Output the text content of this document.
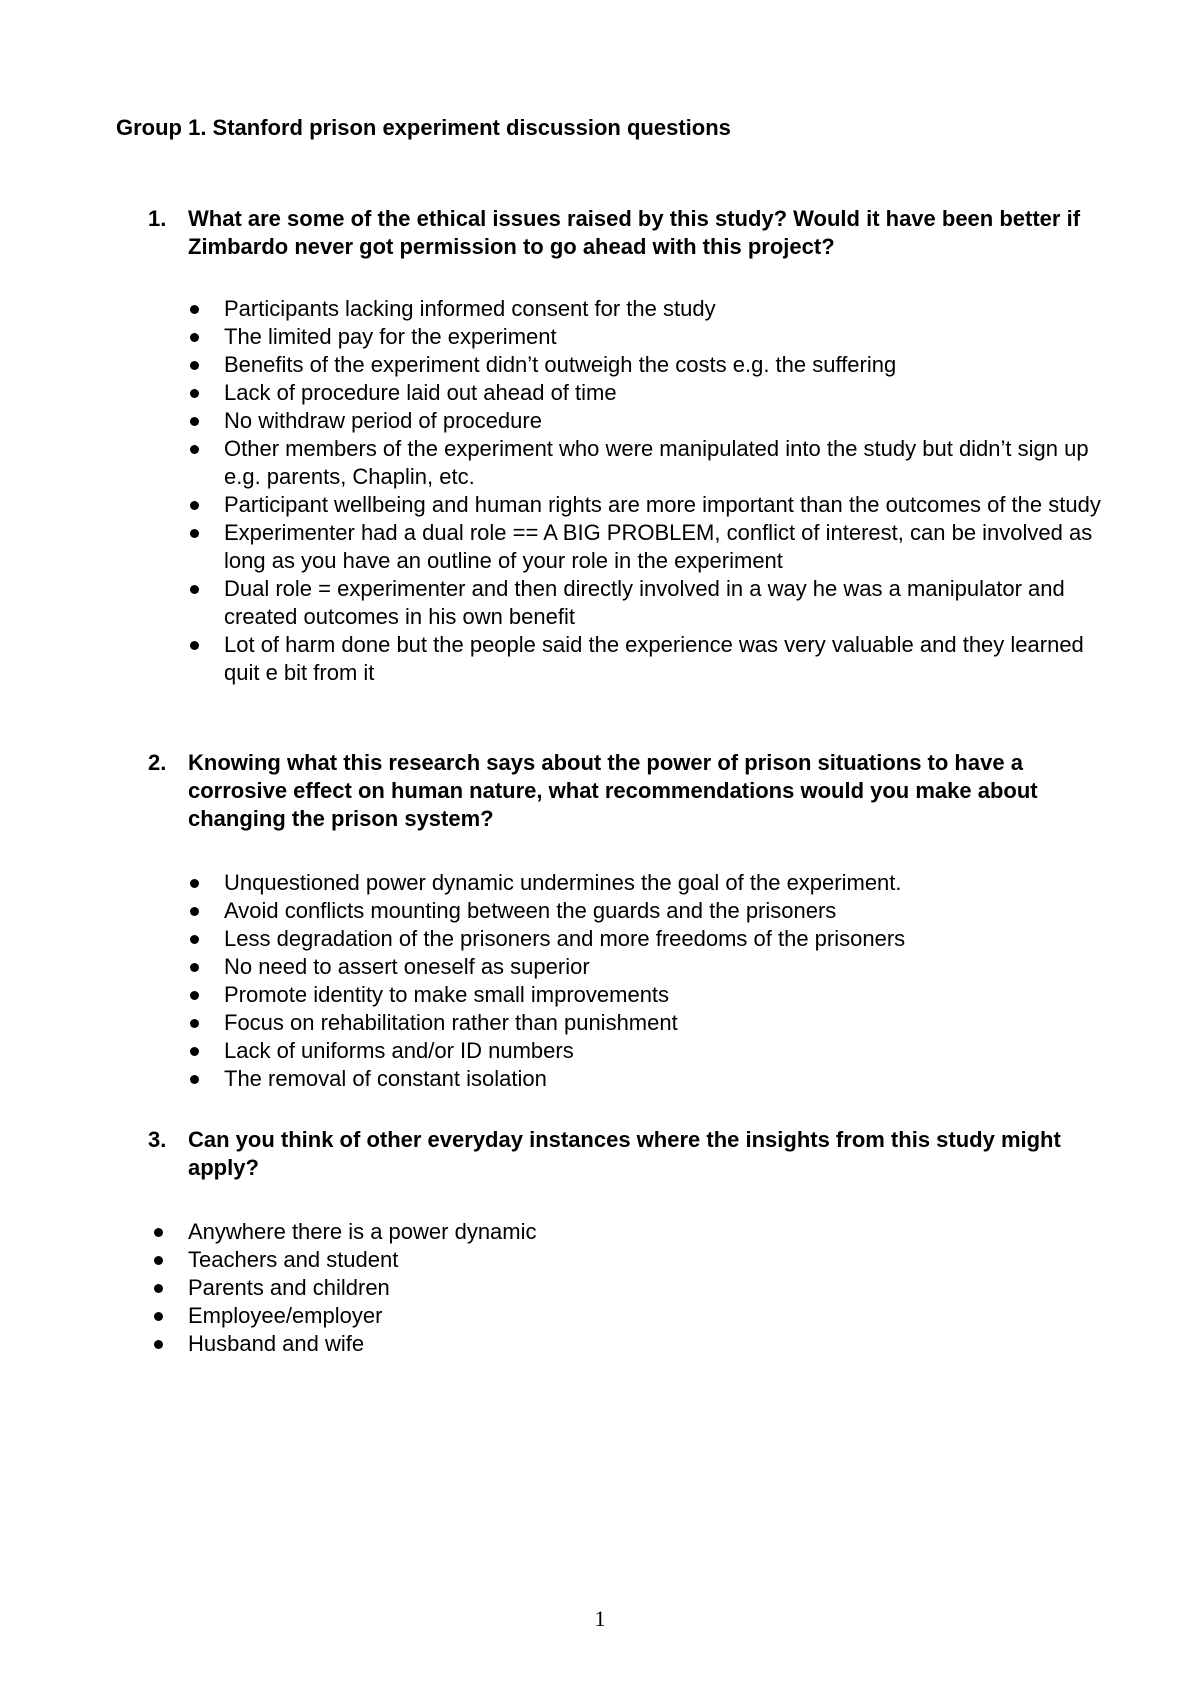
Group 1. Stanford prison experiment discussion questions
1. What are some of the ethical issues raised by this study? Would it have been better if Zimbardo never got permission to go ahead with this project?
Participants lacking informed consent for the study
The limited pay for the experiment
Benefits of the experiment didn’t outweigh the costs e.g. the suffering
Lack of procedure laid out ahead of time
No withdraw period of procedure
Other members of the experiment who were manipulated into the study but didn’t sign up e.g. parents, Chaplin, etc.
Participant wellbeing and human rights are more important than the outcomes of the study
Experimenter had a dual role == A BIG PROBLEM, conflict of interest, can be involved as long as you have an outline of your role in the experiment
Dual role = experimenter and then directly involved in a way he was a manipulator and created outcomes in his own benefit
Lot of harm done but the people said the experience was very valuable and they learned quit e bit from it
2. Knowing what this research says about the power of prison situations to have a corrosive effect on human nature, what recommendations would you make about changing the prison system?
Unquestioned power dynamic undermines the goal of the experiment.
Avoid conflicts mounting between the guards and the prisoners
Less degradation of the prisoners and more freedoms of the prisoners
No need to assert oneself as superior
Promote identity to make small improvements
Focus on rehabilitation rather than punishment
Lack of uniforms and/or ID numbers
The removal of constant isolation
3. Can you think of other everyday instances where the insights from this study might apply?
Anywhere there is a power dynamic
Teachers and student
Parents and children
Employee/employer
Husband and wife
1
